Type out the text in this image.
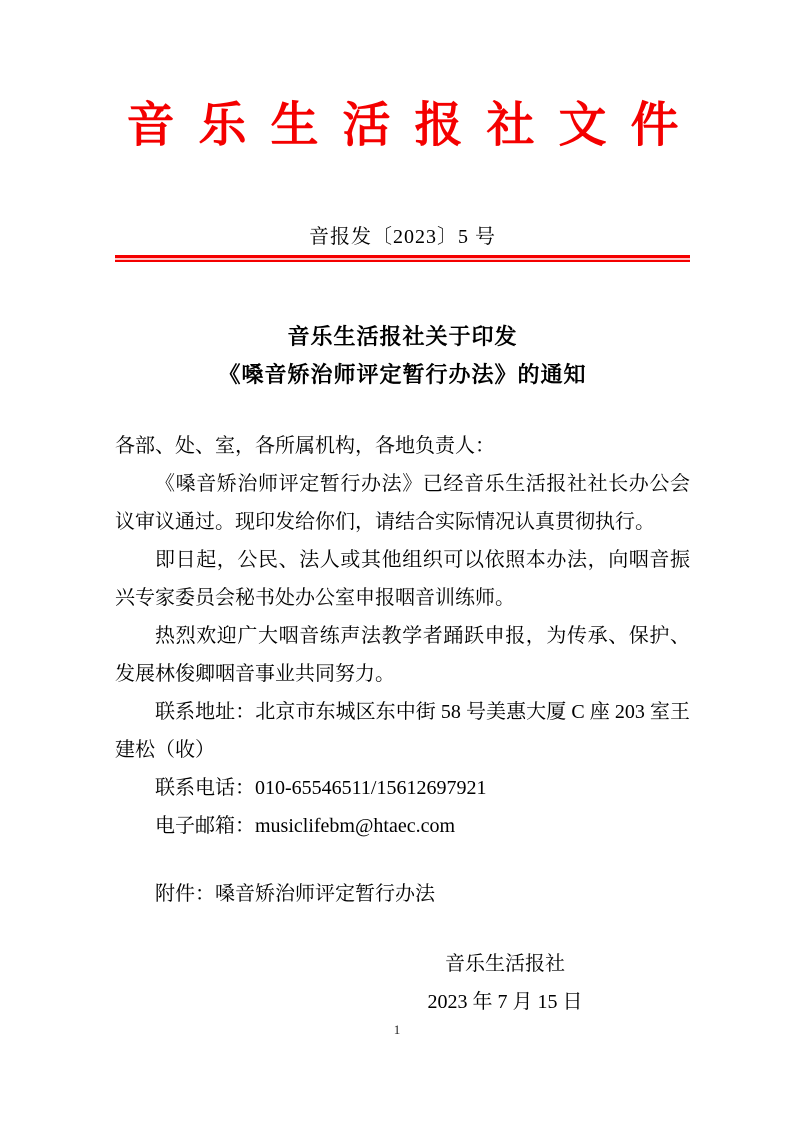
音乐生活报社文件
音报发〔2023〕5 号
音乐生活报社关于印发
《嗓音矫治师评定暂行办法》的通知

各部、处、室，各所属机构，各地负责人：

《嗓音矫治师评定暂行办法》已经音乐生活报社社长办公会议审议通过。现印发给你们，请结合实际情况认真贯彻执行。

即日起，公民、法人或其他组织可以依照本办法，向咽音振兴专家委员会秘书处办公室申报咽音训练师。

热烈欢迎广大咽音练声法教学者踊跃申报，为传承、保护、发展林俊卿咽音事业共同努力。

联系地址：北京市东城区东中街 58 号美惠大厦 C 座 203 室王建松（收）

联系电话：010-65546511/15612697921

电子邮箱：musiclifebm@htaec.com

附件：嗓音矫治师评定暂行办法
音乐生活报社
2023 年 7 月 15 日
1
